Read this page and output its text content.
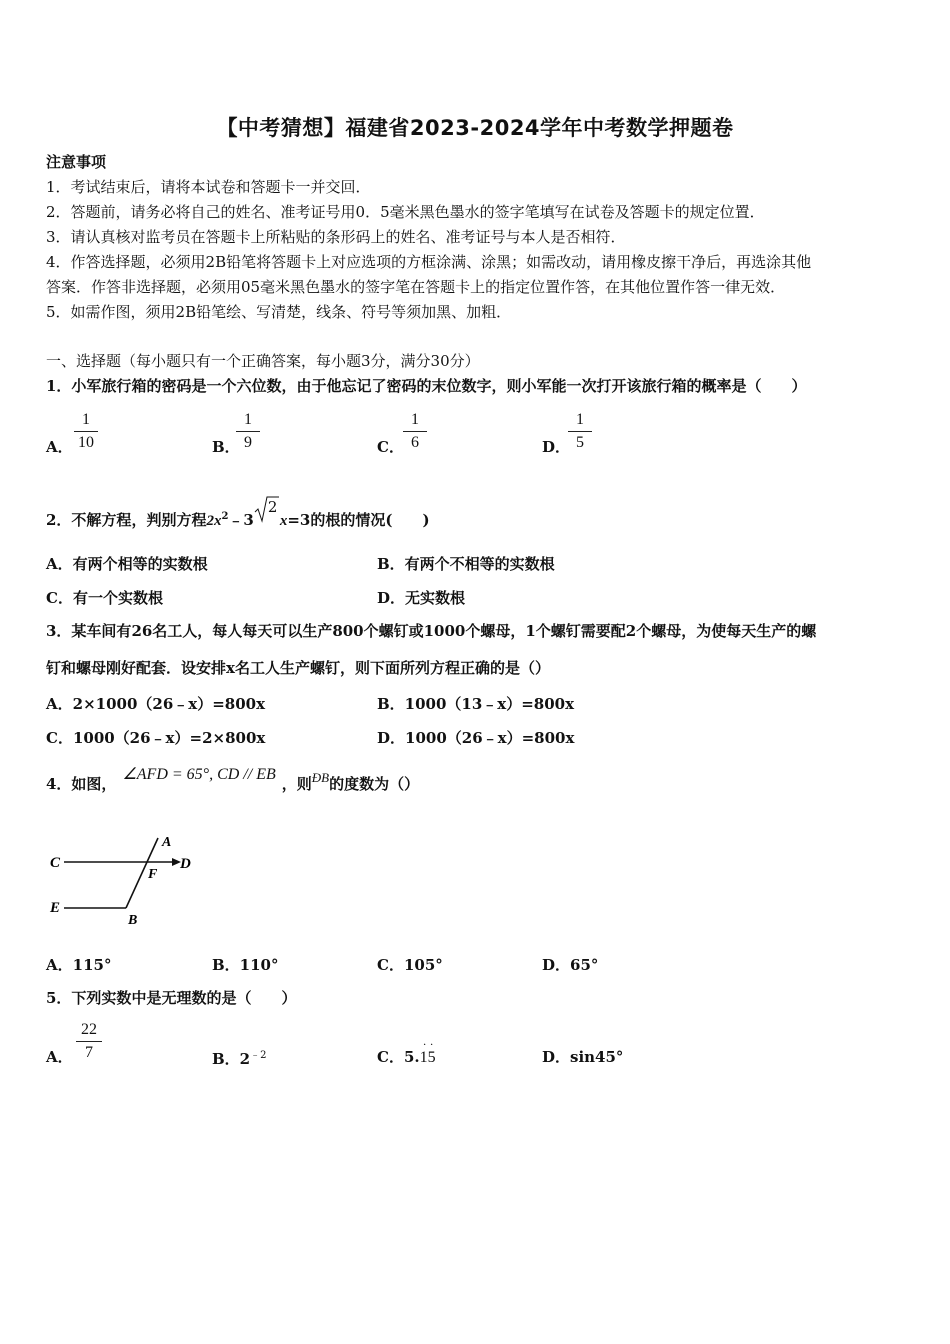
【中考猜想】福建省2023-2024学年中考数学押题卷
注意事项
1．考试结束后，请将本试卷和答题卡一并交回．
2．答题前，请务必将自己的姓名、准考证号用0．5毫米黑色墨水的签字笔填写在试卷及答题卡的规定位置．
3．请认真核对监考员在答题卡上所粘贴的条形码上的姓名、准考证号与本人是否相符．
4．作答选择题，必须用2B铅笔将答题卡上对应选项的方框涂满、涂黑；如需改动，请用橡皮擦干净后，再选涂其他
答案．作答非选择题，必须用05毫米黑色墨水的签字笔在答题卡上的指定位置作答，在其他位置作答一律无效．
5．如需作图，须用2B铅笔绘、写清楚，线条、符号等须加黑、加粗．
一、选择题（每小题只有一个正确答案，每小题3分，满分30分）
1．小军旅行箱的密码是一个六位数，由于他忘记了密码的末位数字，则小军能一次打开该旅行箱的概率是（　　）
A．
1
10	B．
1
9	C．
1
6	D．
1
5
2．不解方程，判别方程$2x^2﹣3$
2
x=3的根的情况(　　)
A．有两个相等的实数根	B．有两个不相等的实数根
C．有一个实数根	D．无实数根
3．某车间有26名工人，每人每天可以生产800个螺钉或1000个螺母，1个螺钉需要配2个螺母，为使每天生产的螺
钉和螺母刚好配套．设安排x名工人生产螺钉，则下面所列方程正确的是（）
A．2×1000（26﹣x）=800x	B．1000（13﹣x）=800x
C．1000（26﹣x）=2×800x	D．1000（26﹣x）=800x
4．如图，∠AFD = 65°, CD // EB，则ÐB的度数为（）
C	D
A
F
E
B
A．115°	B．110°	C．105°	D．65°
5．下列实数中是无理数的是（　　）
A．
22
7	B．$2^{﹣2}$	C．5.
· ·
15	D．sin45°
